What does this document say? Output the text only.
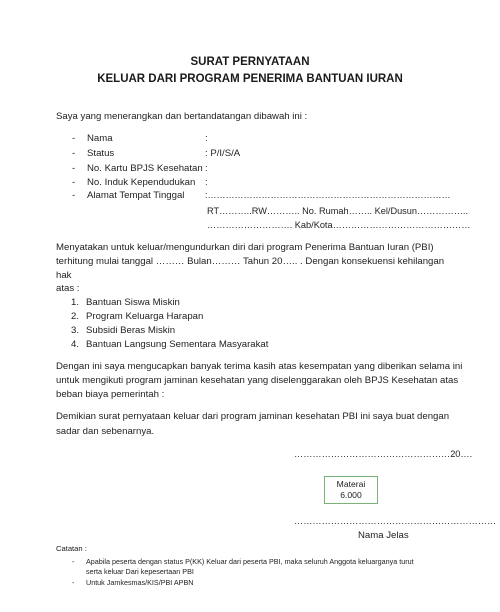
SURAT PERNYATAAN
KELUAR DARI PROGRAM PENERIMA BANTUAN IURAN
Saya yang menerangkan dan bertandatangan dibawah ini :
- Nama	:
- Status	: P/I/S/A
- No. Kartu BPJS Kesehatan :
- No. Induk Kependudukan :
- Alamat Tempat Tinggal :………………………………………………………………………
RT………..RW……….. No. Rumah…….. Kel/Dusun……………..
………………………. Kab/Kota………………………………………
Menyatakan untuk keluar/mengundurkan diri dari program Penerima Bantuan Iuran (PBI)
terhitung mulai tanggal ……… Bulan……… Tahun 20….. . Dengan konsekuensi kehilangan
hak
atas :
1. Bantuan Siswa Miskin
2. Program Keluarga Harapan
3. Subsidi Beras Miskin
4. Bantuan Langsung Sementara Masyarakat
Dengan ini saya mengucapkan banyak terima kasih atas kesempatan yang diberikan selama ini
untuk mengikuti program jaminan kesehatan yang diselenggarakan oleh BPJS Kesehatan atas
beban biaya pemerintah :
Demikian surat pernyataan keluar dari program jaminan kesehatan PBI ini saya buat dengan
sadar dan sebenarnya.
……………………………………………20….
Materai
6.000
…………………………………………………………
Nama Jelas
Catatan :
- Apabila peserta dengan status P(KK) Keluar dari peserta PBI, maka seluruh Anggota keluarganya turut
serta keluar Dari kepesertaan PBI
- Untuk Jamkesmas/KIS/PBI APBN
